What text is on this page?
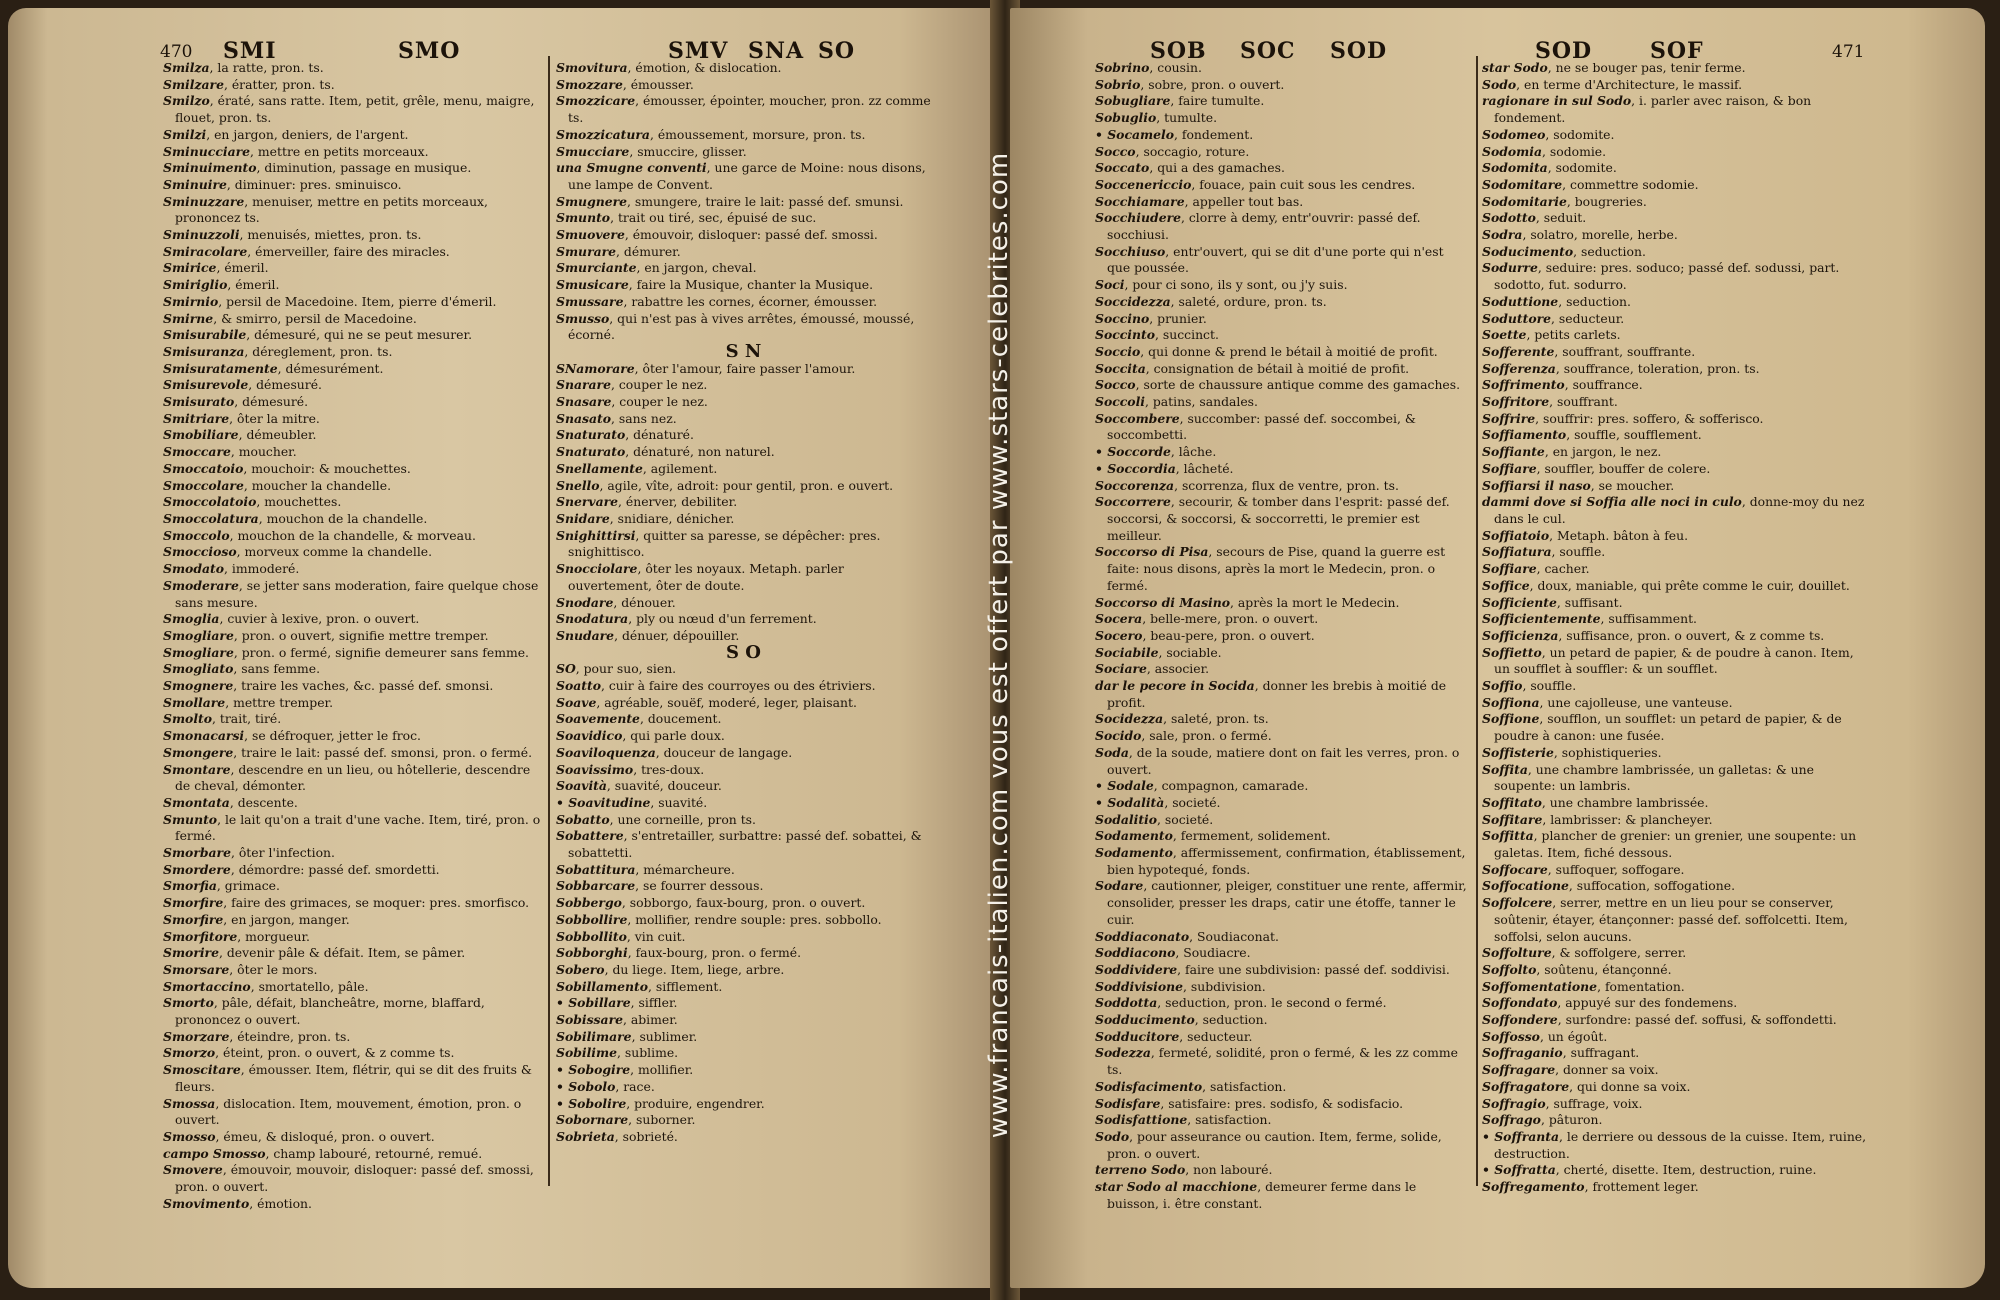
470 SMI	SMO	SMV SNA SO

Smilza, la ratte, pron. ts.

Smilzare, ératter, pron. ts.

Smilzo, ératé, sans ratte. Item, petit, grêle, menu, maigre, flouet, pron. ts.

Smilzi, en jargon, deniers, de l'argent.

Sminucciare, mettre en petits morceaux.

Sminuimento, diminution, passage en musique.

Sminuire, diminuer: pres. sminuisco.

Sminuzzare, menuiser, mettre en petits morceaux, prononcez ts.

Sminuzzoli, menuisés, miettes, pron. ts.

Smiracolare, émerveiller, faire des miracles.

Smirice, émeril.

Smiriglio, émeril.

Smirnio, persil de Macedoine. Item, pierre d'émeril.

Smirne, & smirro, persil de Macedoine.

Smisurabile, démesuré, qui ne se peut mesurer.

Smisuranza, déreglement, pron. ts.

Smisuratamente, démesurément.

Smisurevole, démesuré.

Smisurato, démesuré.

Smitriare, ôter la mitre.

Smobiliare, démeubler.

Smoccare, moucher.

Smoccatoio, mouchoir: & mouchettes.

Smoccolare, moucher la chandelle.

Smoccolatoio, mouchettes.

Smoccolatura, mouchon de la chandelle.

Smoccolo, mouchon de la chandelle, & morveau.

Smoccioso, morveux comme la chandelle.

Smodato, immoderé.

Smoderare, se jetter sans moderation, faire quelque chose sans mesure.

Smoglia, cuvier à lexive, pron. o ouvert.

Smogliare, pron. o ouvert, signifie mettre tremper.

Smogliare, pron. o fermé, signifie demeurer sans femme.

Smogliato, sans femme.

Smognere, traire les vaches, &c. passé def. smonsi.

Smollare, mettre tremper.

Smolto, trait, tiré.

Smonacarsi, se défroquer, jetter le froc.

Smongere, traire le lait: passé def. smonsi, pron. o fermé.

Smontare, descendre en un lieu, ou hôtellerie, descendre de cheval, démonter.

Smontata, descente.

Smunto, le lait qu'on a trait d'une vache. Item, tiré, pron. o fermé.

Smorbare, ôter l'infection.

Smordere, démordre: passé def. smordetti.

Smorfia, grimace.

Smorfire, faire des grimaces, se moquer: pres. smorfisco.

Smorfire, en jargon, manger.

Smorfitore, morgueur.

Smorire, devenir pâle & défait. Item, se pâmer.

Smorsare, ôter le mors.

Smortaccino, smortatello, pâle.

Smorto, pâle, défait, blancheâtre, morne, blaffard, prononcez o ouvert.

Smorzare, éteindre, pron. ts.

Smorzo, éteint, pron. o ouvert, & z comme ts.

Smoscitare, émousser. Item, flétrir, qui se dit des fruits & fleurs.

Smossa, dislocation. Item, mouvement, émotion, pron. o ouvert.

Smosso, émeu, & disloqué, pron. o ouvert.

campo Smosso, champ labouré, retourné, remué.

Smovere, émouvoir, mouvoir, disloquer: passé def. smossi, pron. o ouvert.

Smovimento, émotion.

Smovitura, émotion, & dislocation.

Smozzare, émousser.

Smozzicare, émousser, épointer, moucher, pron. zz comme ts.

Smozzicatura, émoussement, morsure, pron. ts.

Smucciare, smuccire, glisser.

una Smugne conventi, une garce de Moine: nous disons, une lampe de Convent.

Smugnere, smungere, traire le lait: passé def. smunsi.

Smunto, trait ou tiré, sec, épuisé de suc.

Smuovere, émouvoir, disloquer: passé def. smossi.

Smurare, démurer.

Smurciante, en jargon, cheval.

Smusicare, faire la Musique, chanter la Musique.

Smussare, rabattre les cornes, écorner, émousser.

Smusso, qui n'est pas à vives arrêtes, émoussé, moussé, écorné.

S N

SNamorare, ôter l'amour, faire passer l'amour.

Snarare, couper le nez.

Snasare, couper le nez.

Snasato, sans nez.

Snaturato, dénaturé.

Snaturato, dénaturé, non naturel.

Snellamente, agilement.

Snello, agile, vîte, adroit: pour gentil, pron. e ouvert.

Snervare, énerver, debiliter.

Snidare, snidiare, dénicher.

Snighittirsi, quitter sa paresse, se dépêcher: pres. snighittisco.

Snocciolare, ôter les noyaux. Metaph. parler ouvertement, ôter de doute.

Snodare, dénouer.

Snodatura, ply ou nœud d'un ferrement.

Snudare, dénuer, dépouiller.

S O

SO, pour suo, sien.

Soatto, cuir à faire des courroyes ou des étriviers.

Soave, agréable, souëf, moderé, leger, plaisant.

Soavemente, doucement.

Soavidico, qui parle doux.

Soaviloquenza, douceur de langage.

Soavissimo, tres-doux.

Soavità, suavité, douceur.

• Soavitudine, suavité.

Sobatto, une corneille, pron ts.

Sobattere, s'entretailler, surbattre: passé def. sobattei, & sobattetti.

Sobattitura, mémarcheure.

Sobbarcare, se fourrer dessous.

Sobbergo, sobborgo, faux-bourg, pron. o ouvert.

Sobbollire, mollifier, rendre souple: pres. sobbollo.

Sobbollito, vin cuit.

Sobborghi, faux-bourg, pron. o fermé.

Sobero, du liege. Item, liege, arbre.

Sobillamento, sifflement.

• Sobillare, siffler.

Sobissare, abimer.

Sobilimare, sublimer.

Sobilime, sublime.

• Sobogire, mollifier.

• Sobolo, race.

• Sobolire, produire, engendrer.

Sobornare, suborner.

Sobrieta, sobrieté.

SOB SOC SOD	SOD	SOF	471

Sobrino, cousin.

Sobrio, sobre, pron. o ouvert.

Sobugliare, faire tumulte.

Sobuglio, tumulte.

• Socamelo, fondement.

Socco, soccagio, roture.

Soccato, qui a des gamaches.

Soccenericcio, fouace, pain cuit sous les cendres.

Socchiamare, appeller tout bas.

Socchiudere, clorre à demy, entr'ouvrir: passé def. socchiusi.

Socchiuso, entr'ouvert, qui se dit d'une porte qui n'est que poussée.

Soci, pour ci sono, ils y sont, ou j'y suis.

Soccidezza, saleté, ordure, pron. ts.

Soccino, prunier.

Soccinto, succinct.

Soccio, qui donne & prend le bétail à moitié de profit.

Soccita, consignation de bétail à moitié de profit.

Socco, sorte de chaussure antique comme des gamaches.

Soccoli, patins, sandales.

Soccombere, succomber: passé def. soccombei, & soccombetti.

• Soccorde, lâche.

• Soccordia, lâcheté.

Soccorenza, scorrenza, flux de ventre, pron. ts.

Soccorrere, secourir, & tomber dans l'esprit: passé def. soccorsi, & soccorsi, & soccorretti, le premier est meilleur.

Soccorso di Pisa, secours de Pise, quand la guerre est faite: nous disons, après la mort le Medecin, pron. o fermé.

Soccorso di Masino, après la mort le Medecin.

Socera, belle-mere, pron. o ouvert.

Socero, beau-pere, pron. o ouvert.

Sociabile, sociable.

Sociare, associer.

dar le pecore in Socida, donner les brebis à moitié de profit.

Socidezza, saleté, pron. ts.

Socido, sale, pron. o fermé.

Soda, de la soude, matiere dont on fait les verres, pron. o ouvert.

• Sodale, compagnon, camarade.

• Sodalità, societé.

Sodalitio, societé.

Sodamento, fermement, solidement.

Sodamento, affermissement, confirmation, établissement, bien hypotequé, fonds.

Sodare, cautionner, pleiger, constituer une rente, affermir, consolider, presser les draps, catir une étoffe, tanner le cuir.

Soddiaconato, Soudiaconat.

Soddiacono, Soudiacre.

Soddividere, faire une subdivision: passé def. soddivisi.

Soddivisione, subdivision.

Soddotta, seduction, pron. le second o fermé.

Sodducimento, seduction.

Sodducitore, seducteur.

Sodezza, fermeté, solidité, pron o fermé, & les zz comme ts.

Sodisfacimento, satisfaction.

Sodisfare, satisfaire: pres. sodisfo, & sodisfacio.

Sodisfattione, satisfaction.

Sodo, pour asseurance ou caution. Item, ferme, solide, pron. o ouvert.

terreno Sodo, non labouré.

star Sodo al macchione, demeurer ferme dans le buisson, i. être constant.

star Sodo, ne se bouger pas, tenir ferme.

Sodo, en terme d'Architecture, le massif.

ragionare in sul Sodo, i. parler avec raison, & bon fondement.

Sodomeo, sodomite.

Sodomia, sodomie.

Sodomita, sodomite.

Sodomitare, commettre sodomie.

Sodomitarie, bougreries.

Sodotto, seduit.

Sodra, solatro, morelle, herbe.

Soducimento, seduction.

Sodurre, seduire: pres. soduco; passé def. sodussi, part. sodotto, fut. sodurro.

Soduttione, seduction.

Soduttore, seducteur.

Soette, petits carlets.

Sofferente, souffrant, souffrante.

Sofferenza, souffrance, toleration, pron. ts.

Soffrimento, souffrance.

Soffritore, souffrant.

Soffrire, souffrir: pres. soffero, & sofferisco.

Soffiamento, souffle, soufflement.

Soffiante, en jargon, le nez.

Soffiare, souffler, bouffer de colere.

Soffiarsi il naso, se moucher.

dammi dove si Soffia alle noci in culo, donne-moy du nez dans le cul.

Soffiatoio, Metaph. bâton à feu.

Soffiatura, souffle.

Soffiare, cacher.

Soffice, doux, maniable, qui prête comme le cuir, douillet.

Sofficiente, suffisant.

Sofficientemente, suffisamment.

Sofficienza, suffisance, pron. o ouvert, & z comme ts.

Soffietto, un petard de papier, & de poudre à canon. Item, un soufflet à souffler: & un soufflet.

Soffio, souffle.

Soffiona, une cajolleuse, une vanteuse.

Soffione, soufflon, un soufflet: un petard de papier, & de poudre à canon: une fusée.

Soffisterie, sophistiqueries.

Soffita, une chambre lambrissée, un galletas: & une soupente: un lambris.

Soffitato, une chambre lambrissée.

Soffitare, lambrisser: & plancheyer.

Soffitta, plancher de grenier: un grenier, une soupente: un galetas. Item, fiché dessous.

Soffocare, suffoquer, soffogare.

Soffocatione, suffocation, soffogatione.

Soffolcere, serrer, mettre en un lieu pour se conserver, soûtenir, étayer, étançonner: passé def. soffolcetti. Item, soffolsi, selon aucuns.

Soffolture, & soffolgere, serrer.

Soffolto, soûtenu, étançonné.

Soffomentatione, fomentation.

Soffondato, appuyé sur des fondemens.

Soffondere, surfondre: passé def. soffusi, & soffondetti.

Soffosso, un égoût.

Soffraganio, suffragant.

Soffragare, donner sa voix.

Soffragatore, qui donne sa voix.

Soffragio, suffrage, voix.

Soffrago, pâturon.

• Soffranta, le derriere ou dessous de la cuisse. Item, ruine, destruction.

• Soffratta, cherté, disette. Item, destruction, ruine.

Soffregamento, frottement leger.

www.francais-italien.com vous est offert par www.stars-celebrites.com
